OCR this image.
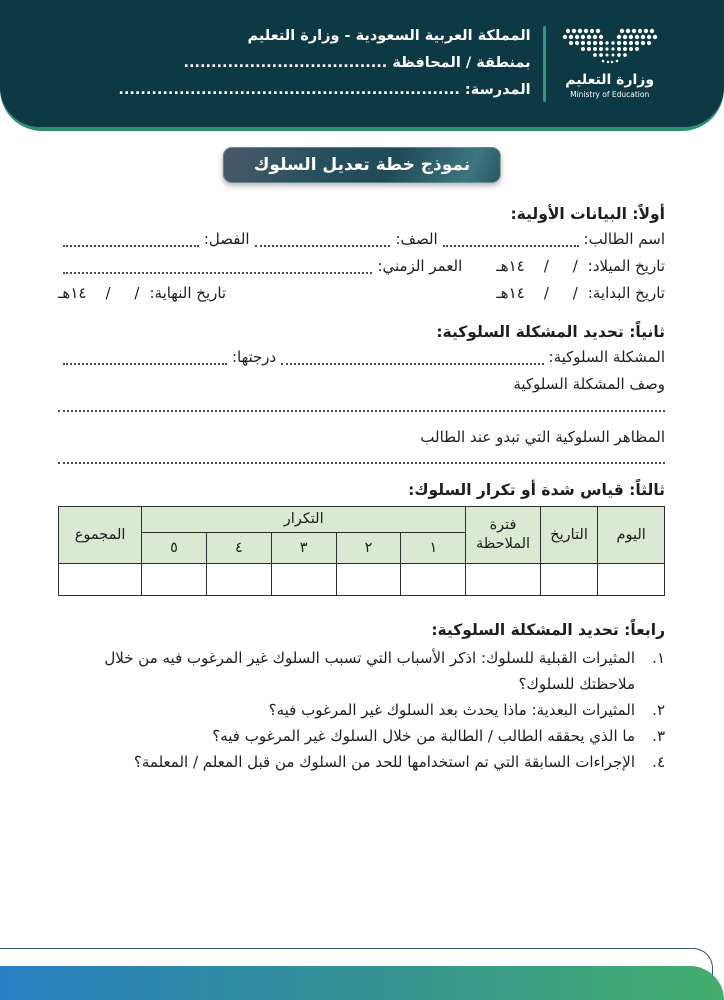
وزارة التعليم
Ministry of Education
المملكة العربية السعودية - وزارة التعليم
بمنطقة / المحافظة .....................................
المدرسة: ..............................................................
نموذج خطة تعديل السلوك
أولاً: البيانات الأولية:
اسم الطالب:
الصف:
الفصل:
تاريخ الميلاد:
/     /    ١٤هـ
العمر الزمني:
تاريخ البداية:
/     /    ١٤هـ
تاريخ النهاية:
/     /    ١٤هـ
ثانياً: تحديد المشكلة السلوكية:
المشكلة السلوكية:
درجتها:
وصف المشكلة السلوكية
المظاهر السلوكية التي تبدو عند الطالب
ثالثاً: قياس شدة أو تكرار السلوك:
اليوم	التاريخ	فترة الملاحظة	التكرار					المجموع
			١	٢	٣	٤	٥	

رابعاً: تحديد المشكلة السلوكية:
١.
المثيرات القبلية للسلوك: اذكر الأسباب التي تسبب السلوك غير المرغوب فيه من خلال ملاحظتك للسلوك؟
٢.
المثيرات البعدية: ماذا يحدث بعد السلوك غير المرغوب فيه؟
٣.
ما الذي يحققه الطالب / الطالبة من خلال السلوك غير المرغوب فيه؟
٤.
الإجراءات السابقة التي تم استخدامها للحد من السلوك من قبل المعلم / المعلمة؟
